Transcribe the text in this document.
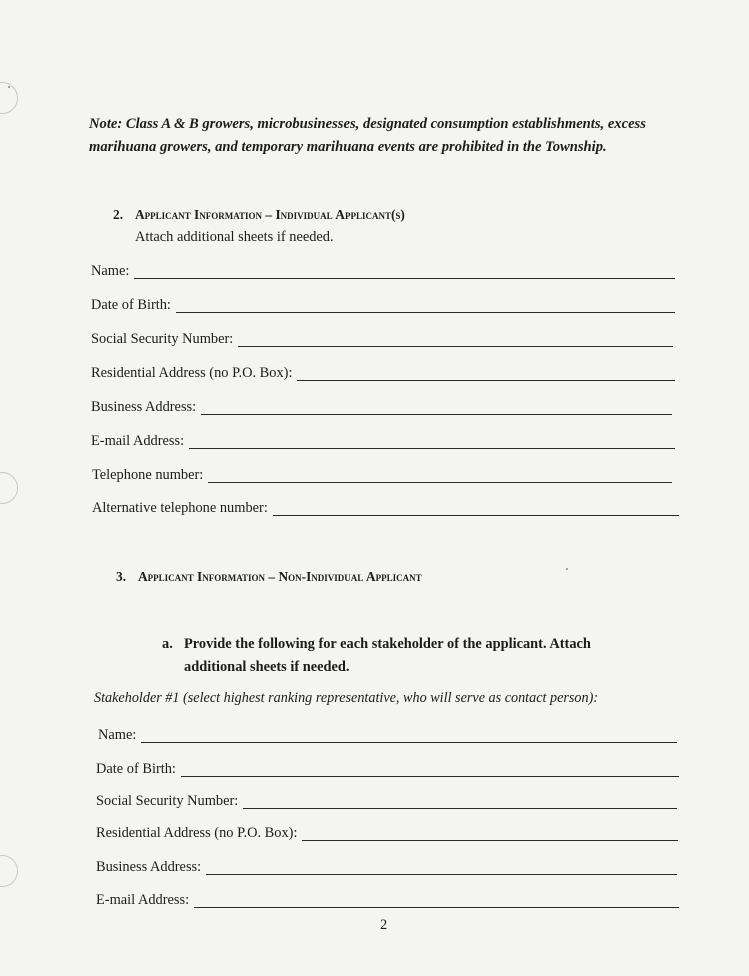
Note: Class A & B growers, microbusinesses, designated consumption establishments, excess marihuana growers, and temporary marihuana events are prohibited in the Township.
2. Applicant Information – Individual Applicant(s)
Attach additional sheets if needed.
Name:
Date of Birth:
Social Security Number:
Residential Address (no P.O. Box):
Business Address:
E-mail Address:
Telephone number:
Alternative telephone number:
3. Applicant Information – Non-Individual Applicant
a. Provide the following for each stakeholder of the applicant. Attach additional sheets if needed.
Stakeholder #1 (select highest ranking representative, who will serve as contact person):
Name:
Date of Birth:
Social Security Number:
Residential Address (no P.O. Box):
Business Address:
E-mail Address:
2
